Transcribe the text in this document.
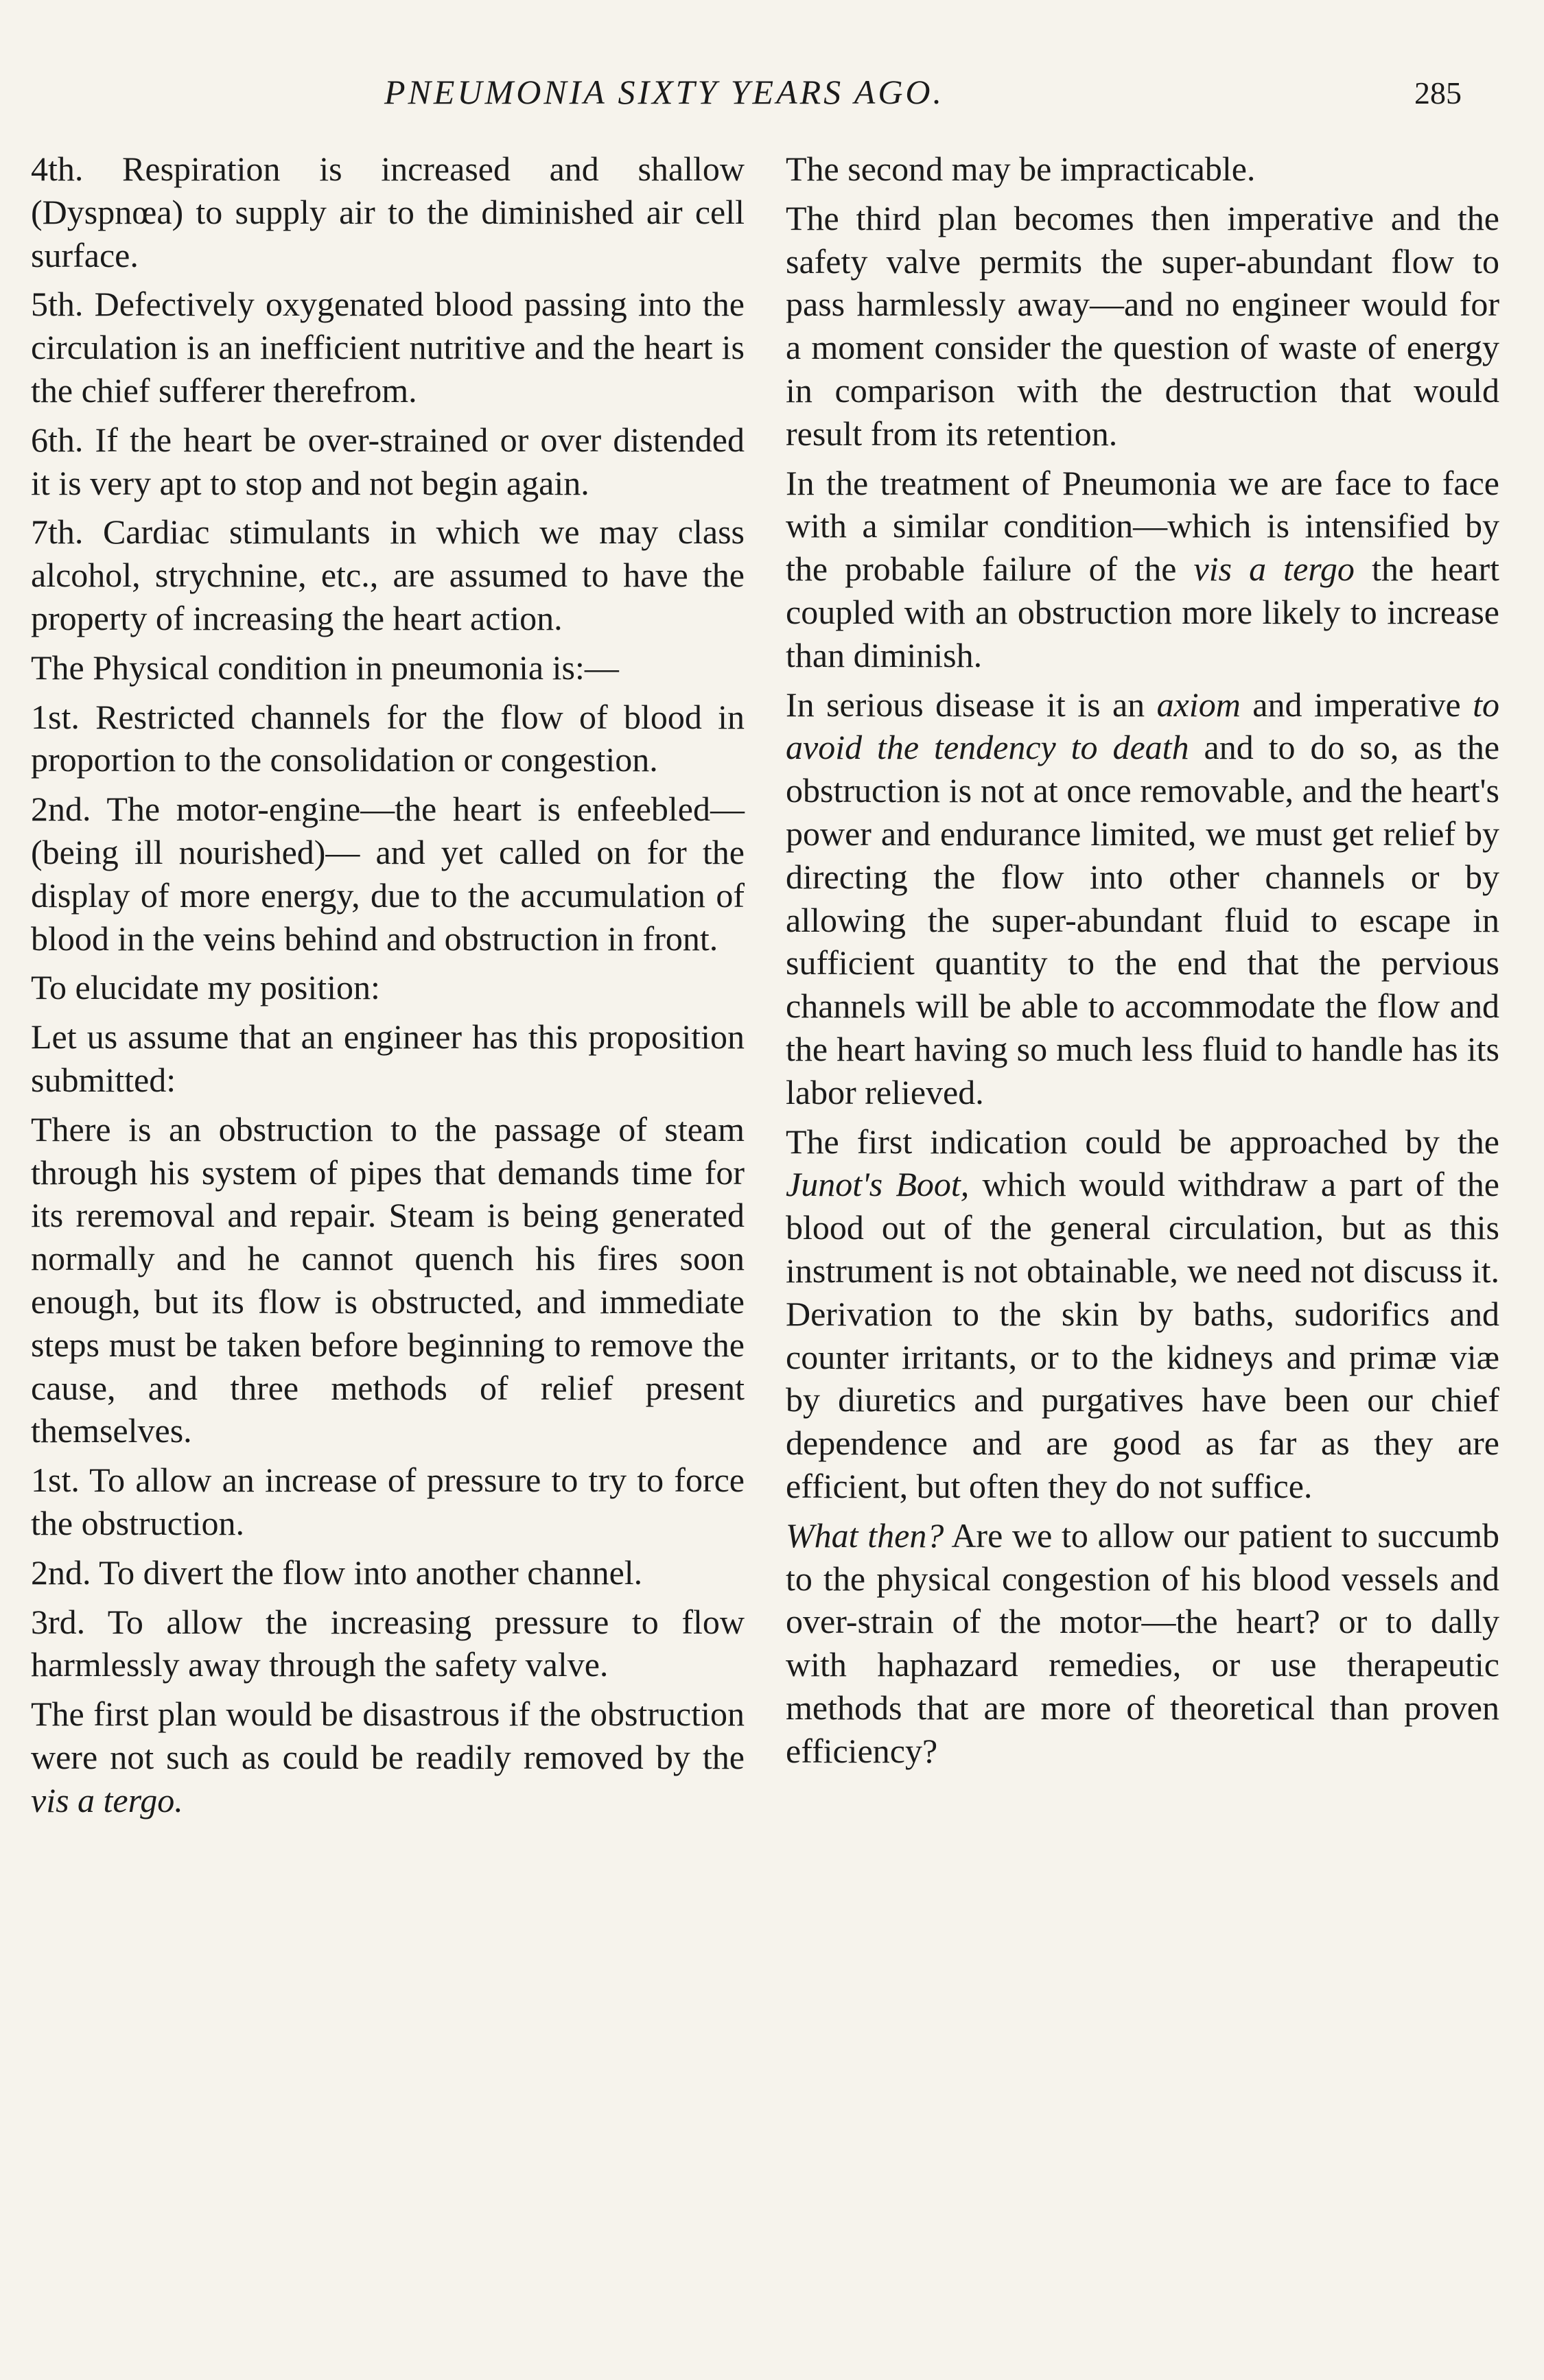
PNEUMONIA SIXTY YEARS AGO.	285

4th. Respiration is increased and shallow (Dyspnœa) to supply air to the diminished air cell surface.

5th. Defectively oxygenated blood passing into the circulation is an inefficient nutritive and the heart is the chief sufferer therefrom.

6th. If the heart be over-strained or over distended it is very apt to stop and not begin again.

7th. Cardiac stimulants in which we may class alcohol, strychnine, etc., are assumed to have the property of increasing the heart action.

The Physical condition in pneumonia is:—

1st. Restricted channels for the flow of blood in proportion to the consolidation or congestion.

2nd. The motor-engine—the heart is enfeebled—(being ill nourished)— and yet called on for the display of more energy, due to the accumulation of blood in the veins behind and obstruction in front.

To elucidate my position:

Let us assume that an engineer has this proposition submitted:

There is an obstruction to the passage of steam through his system of pipes that demands time for its reremoval and repair. Steam is being generated normally and he cannot quench his fires soon enough, but its flow is obstructed, and immediate steps must be taken before beginning to remove the cause, and three methods of relief present themselves.

1st. To allow an increase of pressure to try to force the obstruction.

2nd. To divert the flow into another channel.

3rd. To allow the increasing pressure to flow harmlessly away through the safety valve.

The first plan would be disastrous if the obstruction were not such as could be readily removed by the vis a tergo.

The second may be impracticable.

The third plan becomes then imperative and the safety valve permits the super-abundant flow to pass harmlessly away—and no engineer would for a moment consider the question of waste of energy in comparison with the destruction that would result from its retention.

In the treatment of Pneumonia we are face to face with a similar condition—which is intensified by the probable failure of the vis a tergo the heart coupled with an obstruction more likely to increase than diminish.

In serious disease it is an axiom and imperative to avoid the tendency to death and to do so, as the obstruction is not at once removable, and the heart's power and endurance limited, we must get relief by directing the flow into other channels or by allowing the super-abundant fluid to escape in sufficient quantity to the end that the pervious channels will be able to accommodate the flow and the heart having so much less fluid to handle has its labor relieved.

The first indication could be approached by the Junot's Boot, which would withdraw a part of the blood out of the general circulation, but as this instrument is not obtainable, we need not discuss it. Derivation to the skin by baths, sudorifics and counter irritants, or to the kidneys and primæ viæ by diuretics and purgatives have been our chief dependence and are good as far as they are efficient, but often they do not suffice.

What then? Are we to allow our patient to succumb to the physical congestion of his blood vessels and over-strain of the motor—the heart? or to dally with haphazard remedies, or use therapeutic methods that are more of theoretical than proven efficiency?
